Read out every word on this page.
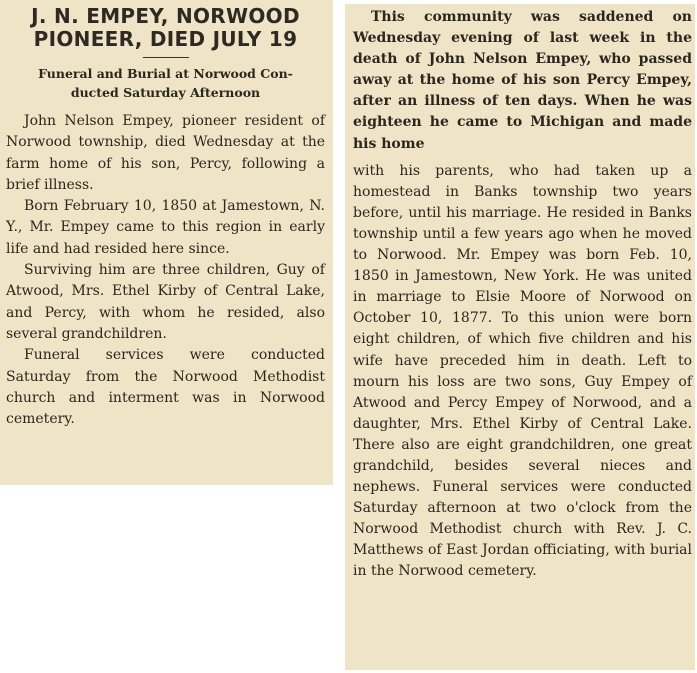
J. N. EMPEY, NORWOOD
PIONEER, DIED JULY 19

Funeral and Burial at Norwood Con-
ducted Saturday Afternoon

John Nelson Empey, pioneer resident of Norwood township, died Wednesday at the farm home of his son, Percy, following a brief illness.

Born February 10, 1850 at Jamestown, N. Y., Mr. Empey came to this region in early life and had resided here since.

Surviving him are three children, Guy of Atwood, Mrs. Ethel Kirby of Central Lake, and Percy, with whom he resided, also several grandchildren.

Funeral services were conducted Saturday from the Norwood Methodist church and interment was in Norwood cemetery.

This community was saddened on Wednesday evening of last week in the death of John Nelson Empey, who passed away at the home of his son Percy Empey, after an illness of ten days. When he was eighteen he came to Michigan and made his home

with his parents, who had taken up a homestead in Banks township two years before, until his marriage. He resided in Banks township until a few years ago when he moved to Norwood. Mr. Empey was born Feb. 10, 1850 in Jamestown, New York. He was united in marriage to Elsie Moore of Norwood on October 10, 1877. To this union were born eight children, of which five children and his wife have preceded him in death. Left to mourn his loss are two sons, Guy Empey of Atwood and Percy Empey of Norwood, and a daughter, Mrs. Ethel Kirby of Central Lake. There also are eight grandchildren, one great grandchild, besides several nieces and nephews. Funeral services were conducted Saturday afternoon at two o'clock from the Norwood Methodist church with Rev. J. C. Matthews of East Jordan officiating, with burial in the Norwood cemetery.
